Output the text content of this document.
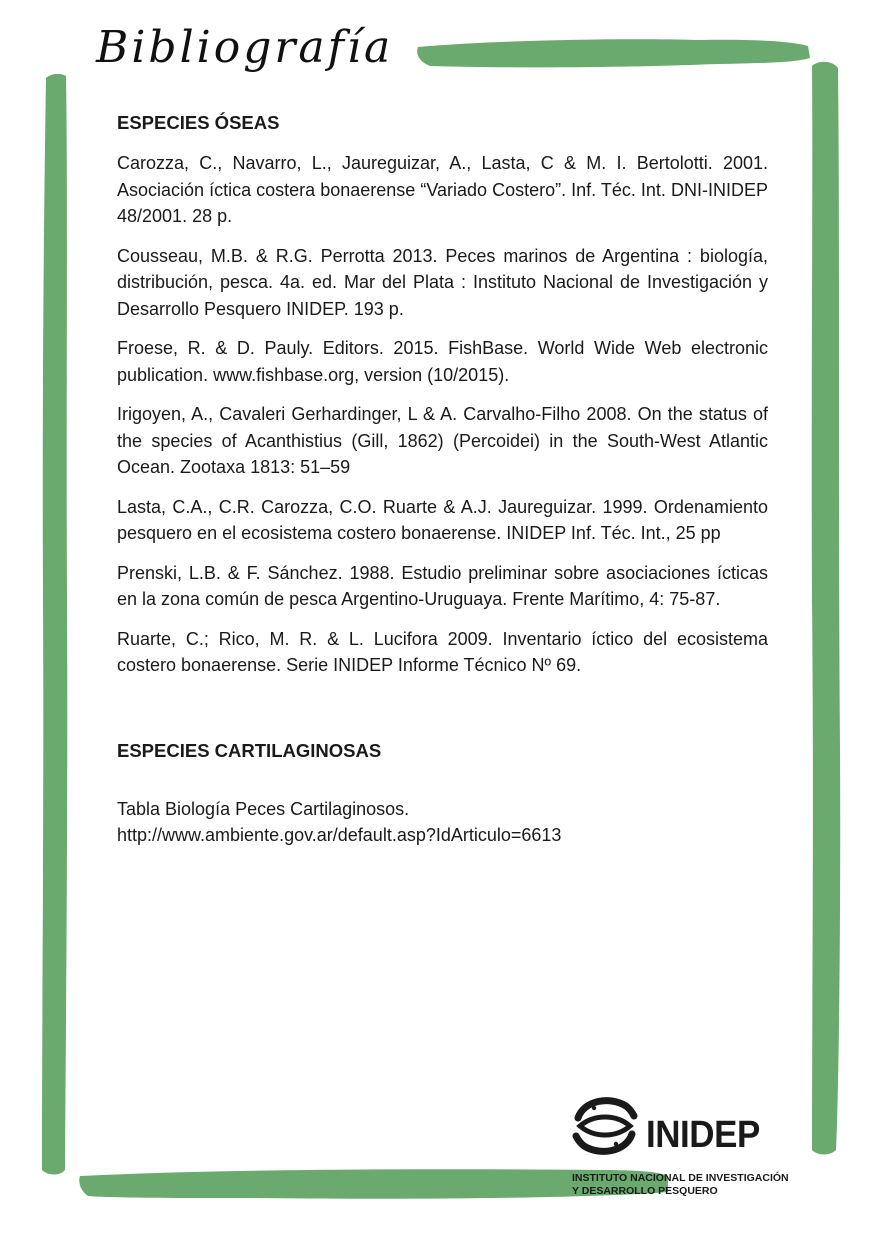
Bibliografía
ESPECIES ÓSEAS

Carozza, C., Navarro, L., Jaureguizar, A., Lasta, C & M. I. Bertolotti. 2001. Asociación íctica costera bonaerense “Variado Costero”. Inf. Téc. Int. DNI-INIDEP 48/2001. 28 p.

Cousseau, M.B. & R.G. Perrotta 2013. Peces marinos de Argentina : biología, distribución, pesca. 4a. ed. Mar del Plata : Instituto Nacional de Investigación y Desarrollo Pesquero INIDEP. 193 p.

Froese, R. & D. Pauly. Editors. 2015. FishBase. World Wide Web electronic publication. www.fishbase.org, version (10/2015).

Irigoyen, A., Cavaleri Gerhardinger, L & A. Carvalho-Filho 2008. On the status of the species of Acanthistius (Gill, 1862) (Percoidei) in the South-West Atlantic Ocean. Zootaxa 1813: 51–59

Lasta, C.A., C.R. Carozza, C.O. Ruarte & A.J. Jaureguizar. 1999. Ordenamiento pesquero en el ecosistema costero bonaerense. INIDEP Inf. Téc. Int., 25 pp

Prenski, L.B. & F. Sánchez. 1988. Estudio preliminar sobre asociaciones ícticas en la zona común de pesca Argentino-Uruguaya. Frente Marítimo, 4: 75-87.

Ruarte, C.; Rico, M. R. & L. Lucifora 2009. Inventario íctico del ecosistema costero bonaerense. Serie INIDEP Informe Técnico Nº 69.

ESPECIES CARTILAGINOSAS

Tabla Biología Peces Cartilaginosos.

http://www.ambiente.gov.ar/default.asp?IdArticulo=6613

INIDEP
INSTITUTO NACIONAL DE INVESTIGACIÓN
Y DESARROLLO PESQUERO
